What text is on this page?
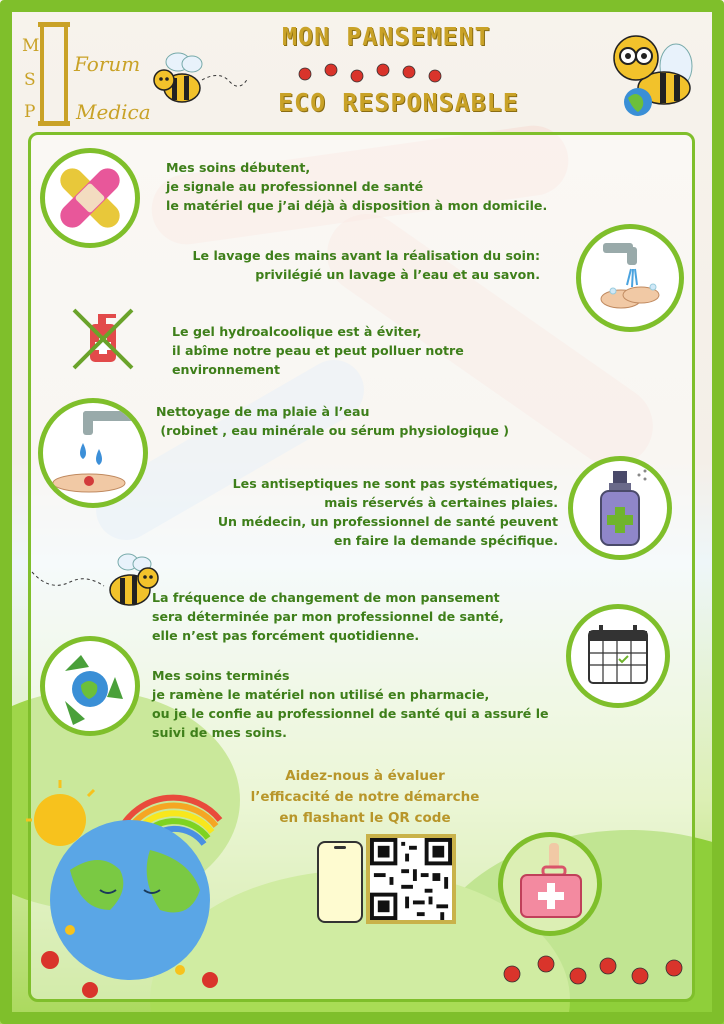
M
S
P
Forum
Medica
MON PANSEMENT
ECO RESPONSABLE
Mes soins débutent,
je signale au professionnel de santé
le matériel que j’ai déjà à disposition à mon domicile.
Le lavage des mains avant la réalisation du soin:
privilégié un lavage à l’eau et au savon.
Le gel hydroalcoolique est à éviter,
il abîme notre peau et peut polluer notre
environnement
Nettoyage de ma plaie à l’eau
(robinet , eau minérale ou sérum physiologique )
Les antiseptiques ne sont pas systématiques,
mais réservés à certaines plaies.
Un médecin, un professionnel de santé peuvent
en faire la demande spécifique.
La fréquence de changement de mon pansement
sera déterminée par mon professionnel de santé,
elle n’est pas forcément quotidienne.
Mes soins terminés
je ramène le matériel non utilisé en pharmacie,
ou je le confie au professionnel de santé qui a assuré le
suivi de mes soins.
Aidez-nous à évaluer
l’efficacité de notre démarche
en flashant le QR code
